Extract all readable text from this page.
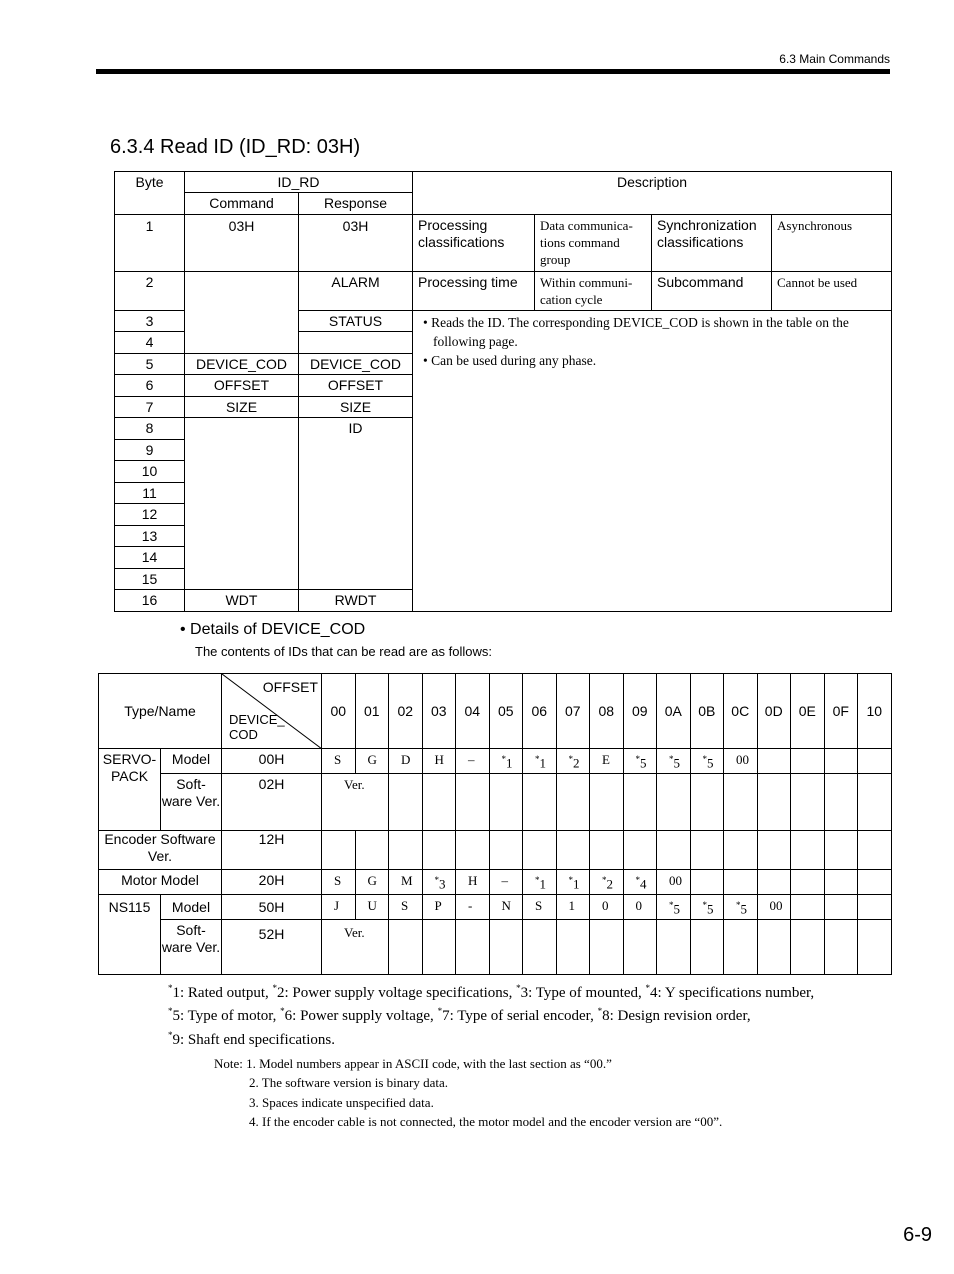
6.3 Main Commands
6.3.4 Read ID (ID_RD: 03H)
Byte	ID_RD		Description			
	Command	Response				
1	03H	03H	Processing classifications	Data communica- tions command group	Synchronization classifications	Asynchronous
2		ALARM	Processing time	Within communi- cation cycle	Subcommand	Cannot be used
3		STATUS	• Reads the ID. The corresponding DEVICE_COD is shown in the table on the following page.
• Can be used during any phase.			

4						
5	DEVICE_COD	DEVICE_COD				
6	OFFSET	OFFSET				
7	SIZE	SIZE				
8		ID				
9						
10						
11						
12						
13						
14						
15						
16	WDT	RWDT				
• Details of DEVICE_COD
The contents of IDs that can be read are as follows:
Type/Name		OFFSET
DEVICE_ COD	00	01	02	03	04	05	06	07	08	09	0A	0B	0C	0D	0E	0F	10
SERVO- PACK	Model	00H	S	G	D	H	–	*1	*1	*2	E	*5	*5	*5	00				
	Soft- ware Ver.	02H	Ver.																
Encoder Software Ver.		12H																	
Motor Model		20H	S	G	M	*3	H	–	*1	*1	*2	*4	00						
NS115	Model	50H	J	U	S	P	-	N	S	1	0	0	*5	*5	*5	00			
	Soft- ware Ver.	52H	Ver.																
*1: Rated output, *2: Power supply voltage specifications, *3: Type of mounted, *4: Y specifications number,
*5: Type of motor, *6: Power supply voltage, *7: Type of serial encoder, *8: Design revision order,
*9: Shaft end specifications.
Note: 1. Model numbers appear in ASCII code, with the last section as “00.”
2. The software version is binary data.
3. Spaces indicate unspecified data.
4. If the encoder cable is not connected, the motor model and the encoder version are “00”.
6-9
